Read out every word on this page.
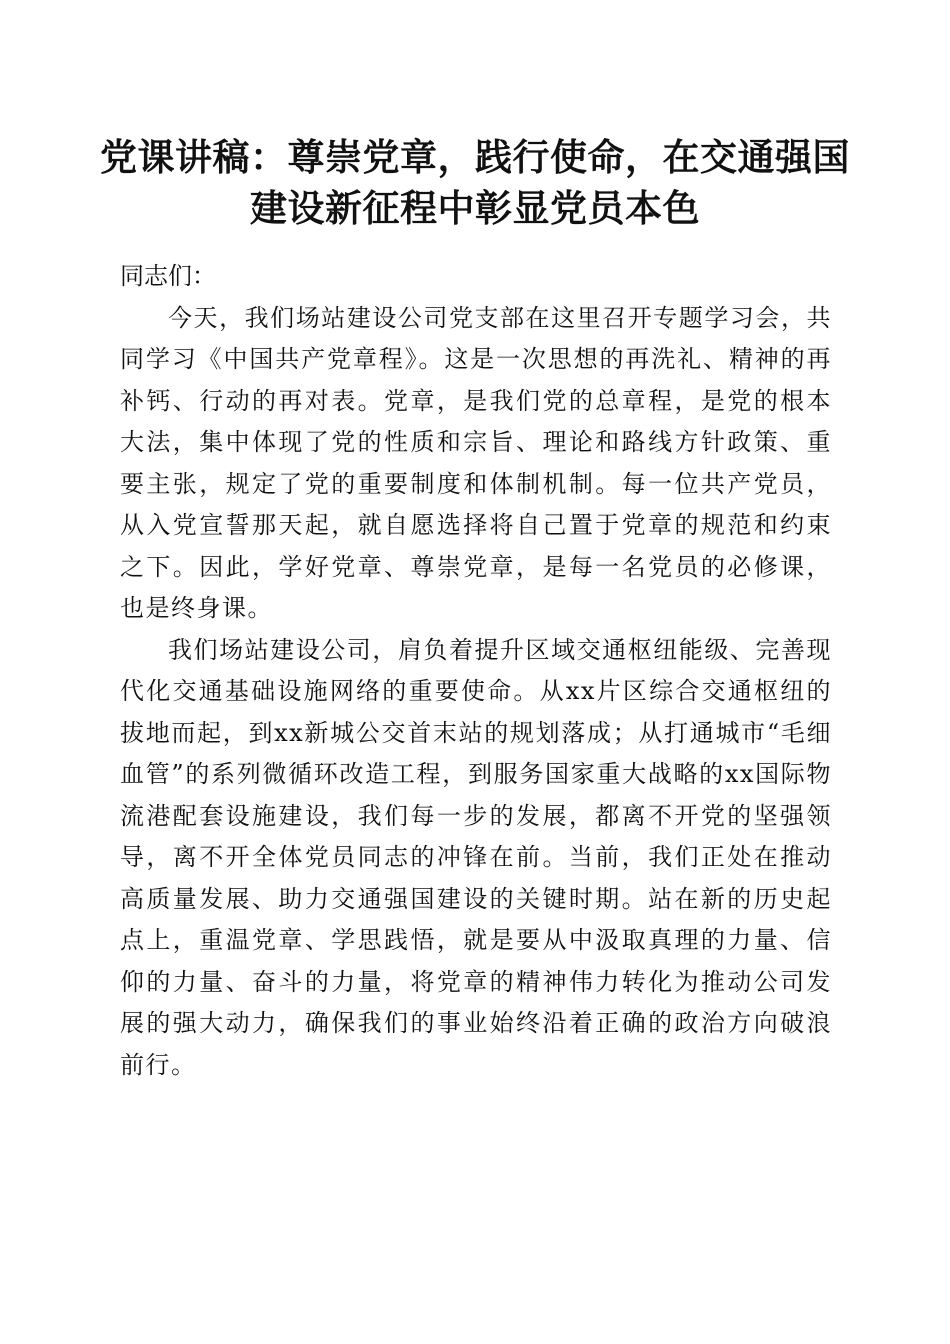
党课讲稿：尊崇党章，践行使命，在交通强国
建设新征程中彰显党员本色
同志们：

今天，我们场站建设公司党支部在这里召开专题学习会，共同学习《中国共产党章程》。这是一次思想的再洗礼、精神的再补钙、行动的再对表。党章，是我们党的总章程，是党的根本大法，集中体现了党的性质和宗旨、理论和路线方针政策、重要主张，规定了党的重要制度和体制机制。每一位共产党员，从入党宣誓那天起，就自愿选择将自己置于党章的规范和约束之下。因此，学好党章、尊崇党章，是每一名党员的必修课，也是终身课。

我们场站建设公司，肩负着提升区域交通枢纽能级、完善现代化交通基础设施网络的重要使命。从xx片区综合交通枢纽的拔地而起，到xx新城公交首末站的规划落成；从打通城市“毛细血管”的系列微循环改造工程，到服务国家重大战略的xx国际物流港配套设施建设，我们每一步的发展，都离不开党的坚强领导，离不开全体党员同志的冲锋在前。当前，我们正处在推动高质量发展、助力交通强国建设的关键时期。站在新的历史起点上，重温党章、学思践悟，就是要从中汲取真理的力量、信仰的力量、奋斗的力量，将党章的精神伟力转化为推动公司发展的强大动力，确保我们的事业始终沿着正确的政治方向破浪前行。
